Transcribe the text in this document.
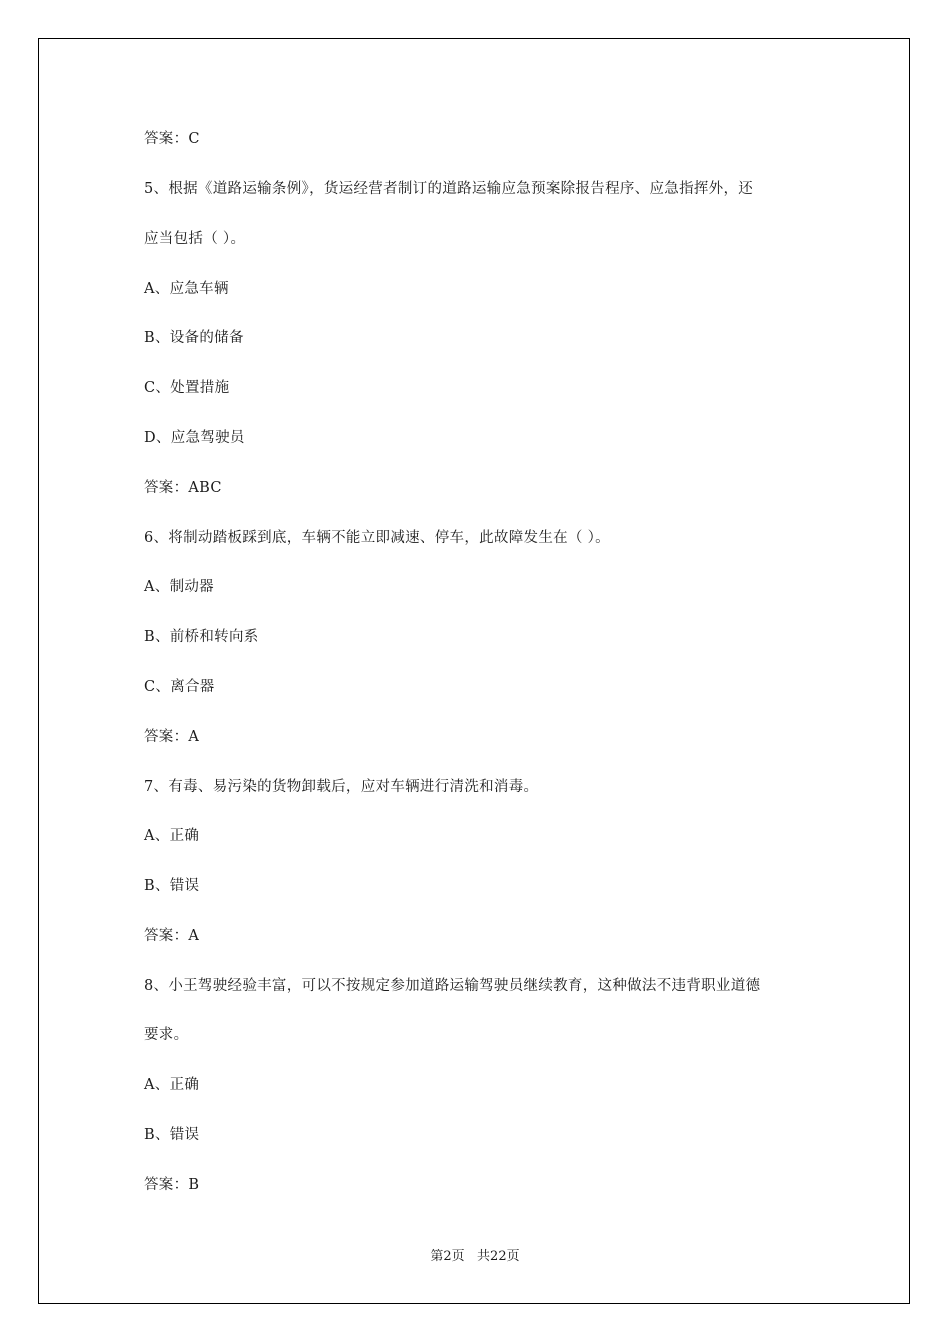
答案：C
5、根据《道路运输条例》，货运经营者制订的道路运输应急预案除报告程序、应急指挥外，还
应当包括（ ）。
A、应急车辆
B、设备的储备
C、处置措施
D、应急驾驶员
答案：ABC
6、将制动踏板踩到底，车辆不能立即减速、停车，此故障发生在（ ）。
A、制动器
B、前桥和转向系
C、离合器
答案：A
7、有毒、易污染的货物卸载后，应对车辆进行清洗和消毒。
A、正确
B、错误
答案：A
8、小王驾驶经验丰富，可以不按规定参加道路运输驾驶员继续教育，这种做法不违背职业道德
要求。
A、正确
B、错误
答案：B
第2页   共22页
